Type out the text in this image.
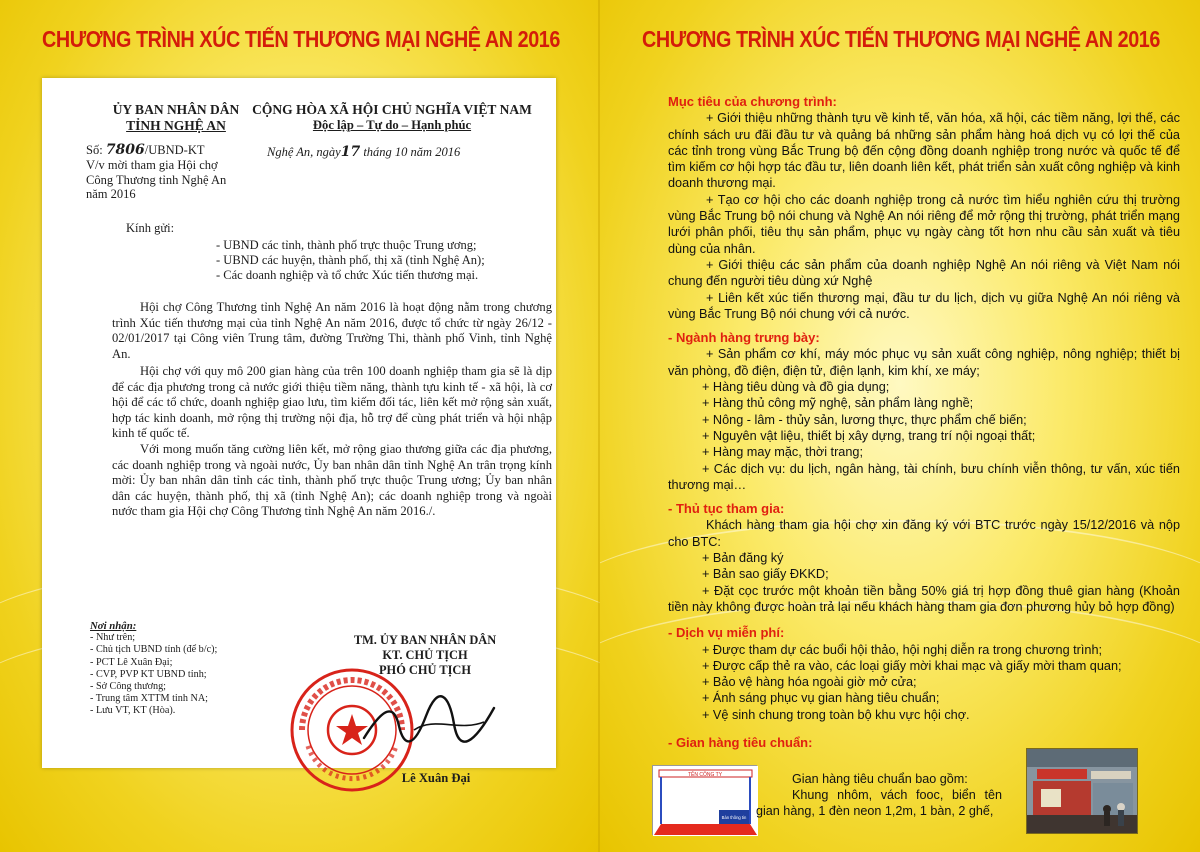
CHƯƠNG TRÌNH XÚC TIẾN THƯƠNG MẠI NGHỆ AN 2016
ỦY BAN NHÂN DÂN
TỈNH NGHỆ AN
CỘNG HÒA XÃ HỘI CHỦ NGHĨA VIỆT NAM
Độc lập – Tự do – Hạnh phúc
Số: 7806/UBND-KT
V/v mời tham gia Hội chợ Công Thương tỉnh Nghệ An năm 2016
Nghệ An, ngày17 tháng 10 năm 2016
Kính gửi:
- UBND các tỉnh, thành phố trực thuộc Trung ương;
- UBND các huyện, thành phố, thị xã (tỉnh Nghệ An);
- Các doanh nghiệp và tổ chức Xúc tiến thương mại.
Hội chợ Công Thương tỉnh Nghệ An năm 2016 là hoạt động nằm trong chương trình Xúc tiến thương mại của tỉnh Nghệ An năm 2016, được tổ chức từ ngày 26/12 - 02/01/2017 tại Công viên Trung tâm, đường Trường Thi, thành phố Vinh, tỉnh Nghệ An.
Hội chợ với quy mô 200 gian hàng của trên 100 doanh nghiệp tham gia sẽ là dịp để các địa phương trong cả nước giới thiệu tiềm năng, thành tựu kinh tế - xã hội, là cơ hội để các tổ chức, doanh nghiệp giao lưu, tìm kiếm đối tác, liên kết mở rộng sản xuất, hợp tác kinh doanh, mở rộng thị trường nội địa, hỗ trợ để cùng phát triển và hội nhập kinh tế quốc tế.
Với mong muốn tăng cường liên kết, mở rộng giao thương giữa các địa phương, các doanh nghiệp trong và ngoài nước, Ủy ban nhân dân tỉnh Nghệ An trân trọng kính mời: Ủy ban nhân dân tỉnh các tỉnh, thành phố trực thuộc Trung ương; Ủy ban nhân dân các huyện, thành phố, thị xã (tỉnh Nghệ An); các doanh nghiệp trong và ngoài nước tham gia Hội chợ Công Thương tỉnh Nghệ An năm 2016./.
Nơi nhận:
- Như trên;
- Chủ tịch UBND tỉnh (để b/c);
- PCT Lê Xuân Đại;
- CVP, PVP KT UBND tỉnh;
- Sở Công thương;
- Trung tâm XTTM tỉnh NA;
- Lưu VT, KT (Hòa).
TM. ỦY BAN NHÂN DÂN
KT. CHỦ TỊCH
PHÓ CHỦ TỊCH
Lê Xuân Đại
CHƯƠNG TRÌNH XÚC TIẾN THƯƠNG MẠI NGHỆ AN 2016
Mục tiêu của chương trình:
+ Giới thiệu những thành tựu về kinh tế, văn hóa, xã hội, các tiềm năng, lợi thế, các chính sách ưu đãi đầu tư và quảng bá những sản phẩm hàng hoá dịch vụ có lợi thế của các tỉnh trong vùng Bắc Trung bộ đến cộng đồng doanh nghiệp trong nước và quốc tế để tìm kiếm cơ hội hợp tác đầu tư, liên doanh liên kết, phát triển sản xuất công nghiệp và kinh doanh thương mại.
+ Tạo cơ hội cho các doanh nghiệp trong cả nước tìm hiểu nghiên cứu thị trường vùng Bắc Trung bộ nói chung và Nghệ An nói riêng để mở rộng thị trường, phát triển mạng lưới phân phối, tiêu thụ sản phẩm, phục vụ ngày càng tốt hơn nhu cầu sản xuất và tiêu dùng của nhân.
+ Giới thiệu các sản phẩm của doanh nghiệp Nghệ An nói riêng và Việt Nam nói chung đến người tiêu dùng xứ Nghệ
+ Liên kết xúc tiến thương mại, đầu tư du lịch, dịch vụ giữa Nghệ An nói riêng và vùng Bắc Trung Bộ nói chung với cả nước.
- Ngành hàng trưng bày:
+ Sản phẩm cơ khí, máy móc phục vụ sản xuất công nghiệp, nông nghiệp; thiết bị văn phòng, đồ điện, điện tử, điện lạnh, kim khí, xe máy;
+ Hàng tiêu dùng và đồ gia dụng;
+ Hàng thủ công mỹ nghệ, sản phẩm làng nghề;
+ Nông - lâm - thủy sản, lương thực, thực phẩm chế biến;
+ Nguyên vật liệu, thiết bị xây dựng, trang trí nội ngoại thất;
+ Hàng may mặc, thời trang;
+ Các dịch vụ: du lịch, ngân hàng, tài chính, bưu chính viễn thông, tư vấn, xúc tiến thương mại…
- Thủ tục tham gia:
Khách hàng tham gia hội chợ xin đăng ký với BTC trước ngày 15/12/2016 và nộp cho BTC:
+ Bản đăng ký
+ Bản sao giấy ĐKKD;
+ Đặt cọc trước một khoản tiền bằng 50% giá trị hợp đồng thuê gian hàng (Khoản tiền này không được hoàn trả lại nếu khách hàng tham gia đơn phương hủy bỏ hợp đồng)
- Dịch vụ miễn phí:
+ Được tham dự các buổi hội thảo, hội nghị diễn ra trong chương trình;
+ Được cấp thẻ ra vào, các loại giấy mời khai mạc và giấy mời tham quan;
+ Bảo vệ hàng hóa ngoài giờ mở cửa;
+ Ánh sáng phục vụ gian hàng tiêu chuẩn;
+ Vệ sinh chung trong toàn bộ khu vực hội chợ.
- Gian hàng tiêu chuẩn:
TÊN CÔNG TY
Bàn thông tin
Gian hàng tiêu chuẩn bao gồm:
Khung nhôm, vách fooc, biển tên gian hàng, 1 đèn neon 1,2m, 1 bàn, 2 ghế,
